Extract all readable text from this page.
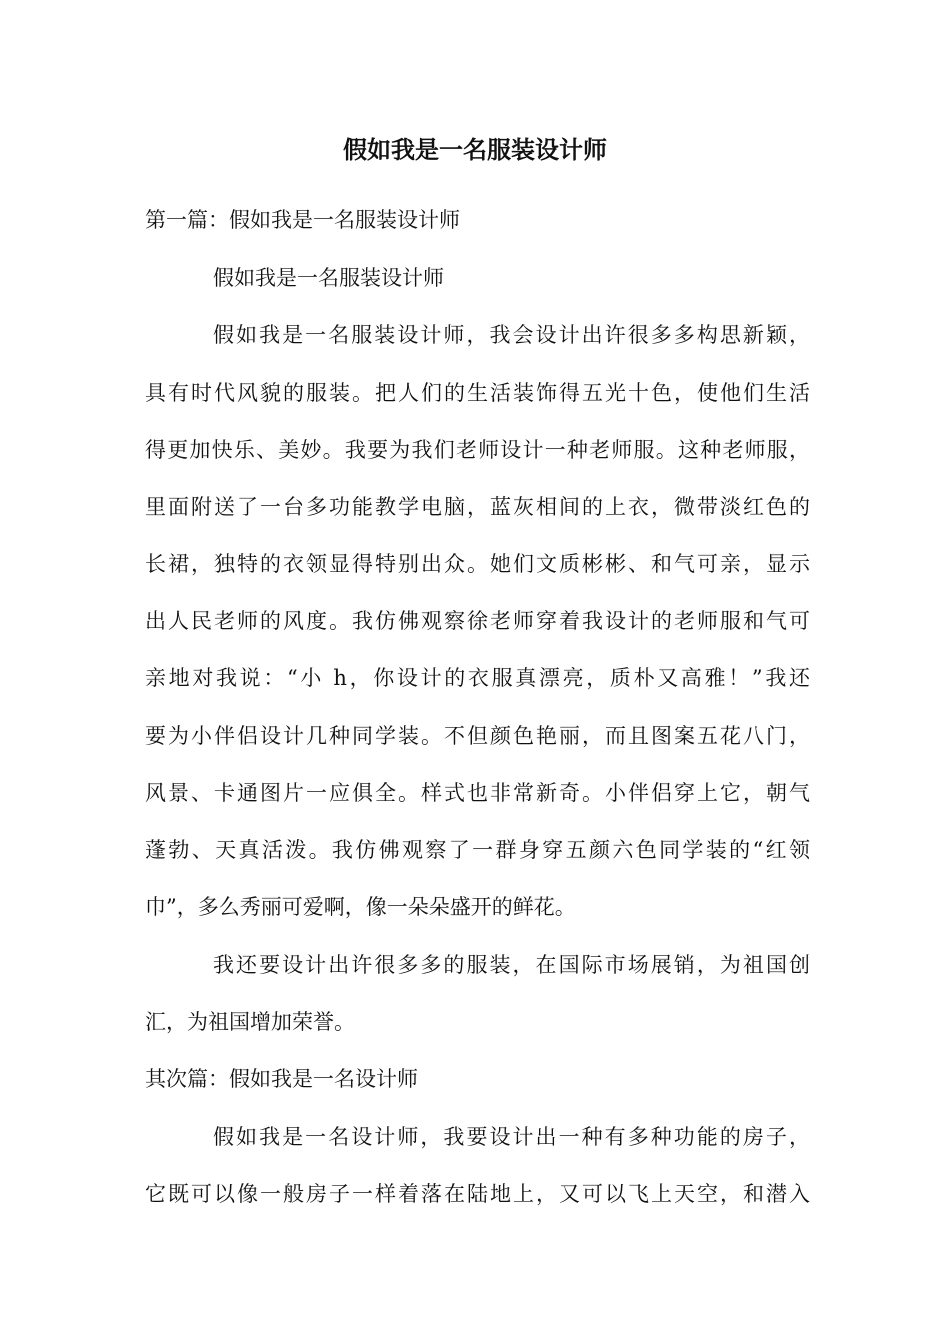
假如我是一名服装设计师
第一篇：假如我是一名服装设计师
假如我是一名服装设计师
假如我是一名服装设计师，我会设计出许很多多构思新颖，
具有时代风貌的服装。把人们的生活装饰得五光十色，使他们生活
得更加快乐、美妙。我要为我们老师设计一种老师服。这种老师服，
里面附送了一台多功能教学电脑，蓝灰相间的上衣，微带淡红色的
长裙，独特的衣领显得特别出众。她们文质彬彬、和气可亲，显示
出人民老师的风度。我仿佛观察徐老师穿着我设计的老师服和气可
亲地对我说：“小 h，你设计的衣服真漂亮，质朴又高雅！”我还
要为小伴侣设计几种同学装。不但颜色艳丽，而且图案五花八门，
风景、卡通图片一应俱全。样式也非常新奇。小伴侣穿上它，朝气
蓬勃、天真活泼。我仿佛观察了一群身穿五颜六色同学装的“红领
巾”，多么秀丽可爱啊，像一朵朵盛开的鲜花。
我还要设计出许很多多的服装，在国际市场展销，为祖国创
汇，为祖国增加荣誉。
其次篇：假如我是一名设计师
假如我是一名设计师，我要设计出一种有多种功能的房子，
它既可以像一般房子一样着落在陆地上，又可以飞上天空，和潜入
